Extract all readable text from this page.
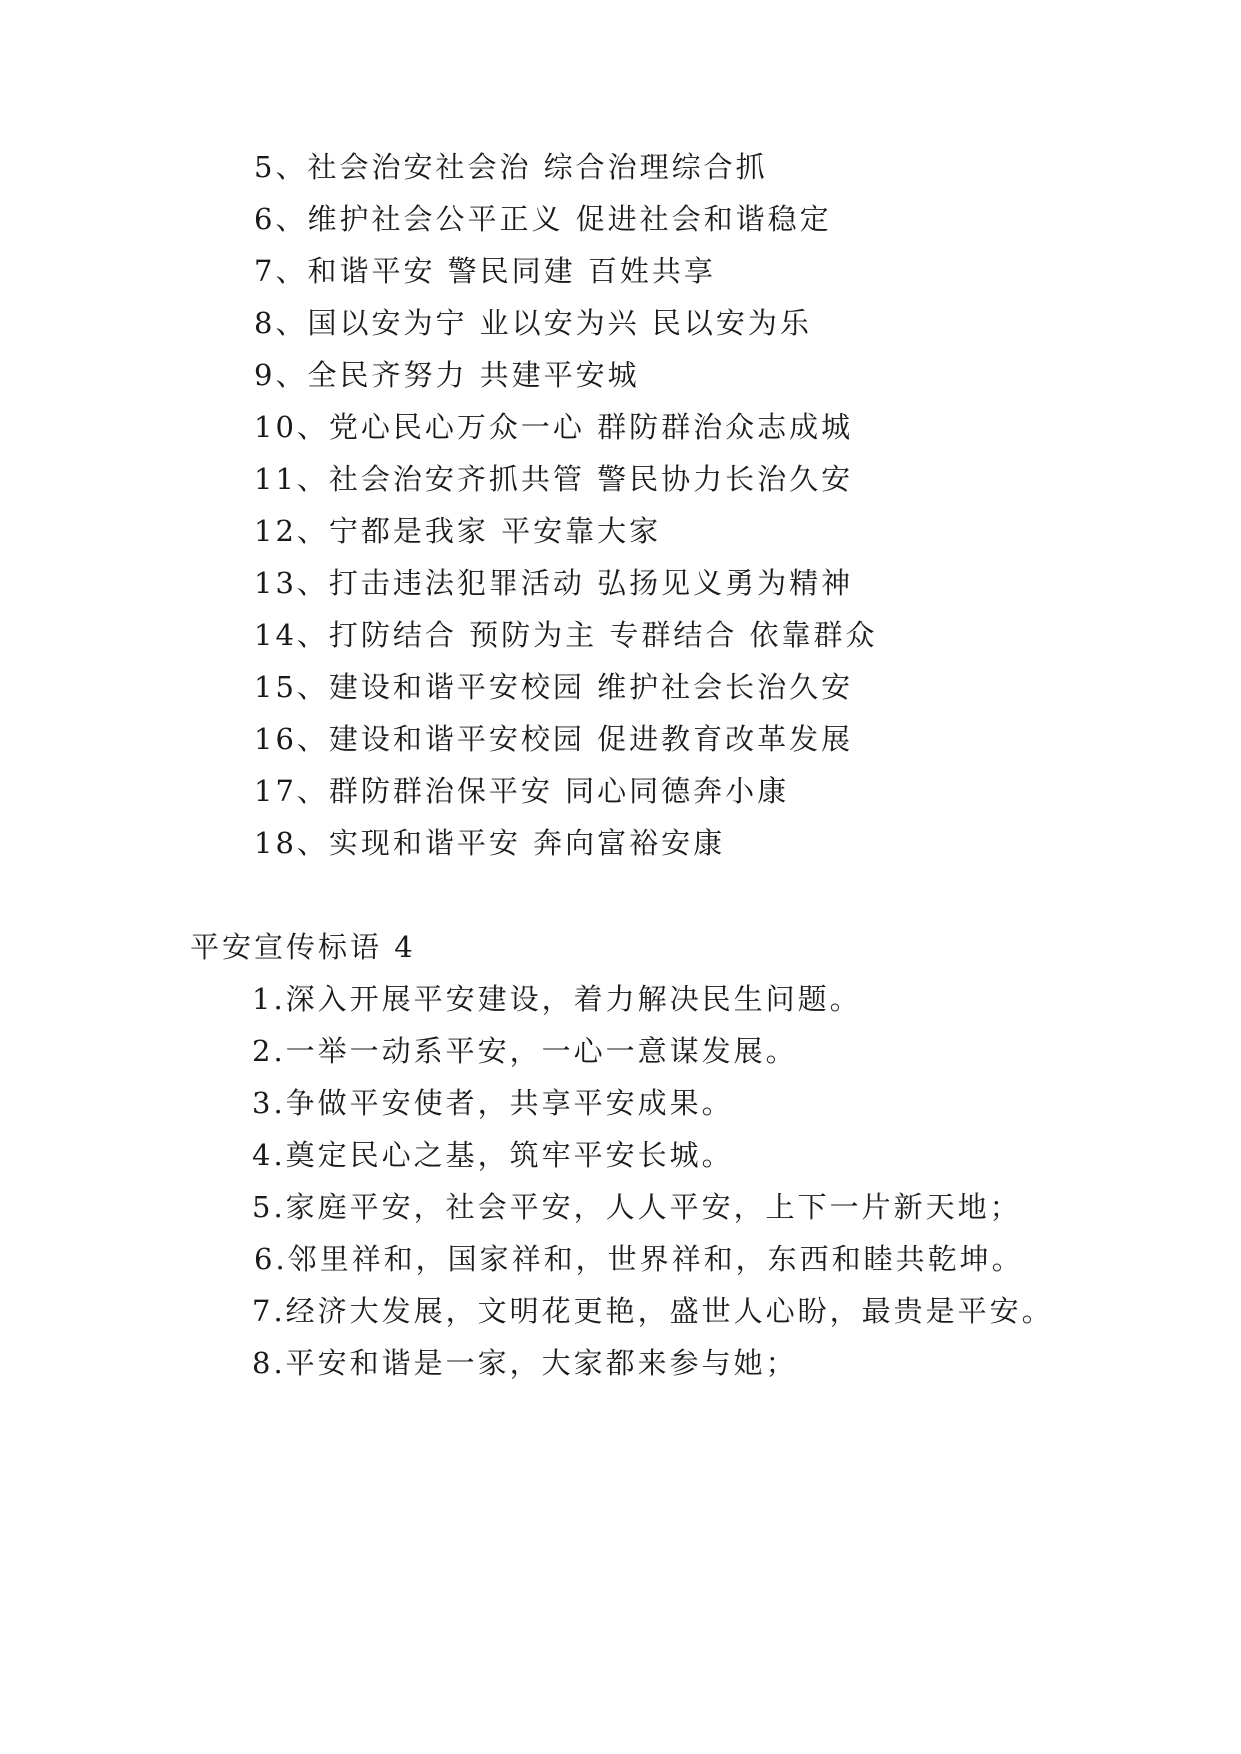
5、社会治安社会治 综合治理综合抓
6、维护社会公平正义 促进社会和谐稳定
7、和谐平安 警民同建 百姓共享
8、国以安为宁 业以安为兴 民以安为乐
9、全民齐努力 共建平安城
10、党心民心万众一心 群防群治众志成城
11、社会治安齐抓共管 警民协力长治久安
12、宁都是我家 平安靠大家
13、打击违法犯罪活动 弘扬见义勇为精神
14、打防结合 预防为主 专群结合 依靠群众
15、建设和谐平安校园 维护社会长治久安
16、建设和谐平安校园 促进教育改革发展
17、群防群治保平安 同心同德奔小康
18、实现和谐平安 奔向富裕安康
平安宣传标语 4
1.深入开展平安建设，着力解决民生问题。
2.一举一动系平安，一心一意谋发展。
3.争做平安使者，共享平安成果。
4.奠定民心之基，筑牢平安长城。
5.家庭平安，社会平安，人人平安，上下一片新天地；
6.邻里祥和，国家祥和，世界祥和，东西和睦共乾坤。
7.经济大发展，文明花更艳，盛世人心盼，最贵是平安。
8.平安和谐是一家，大家都来参与她；
